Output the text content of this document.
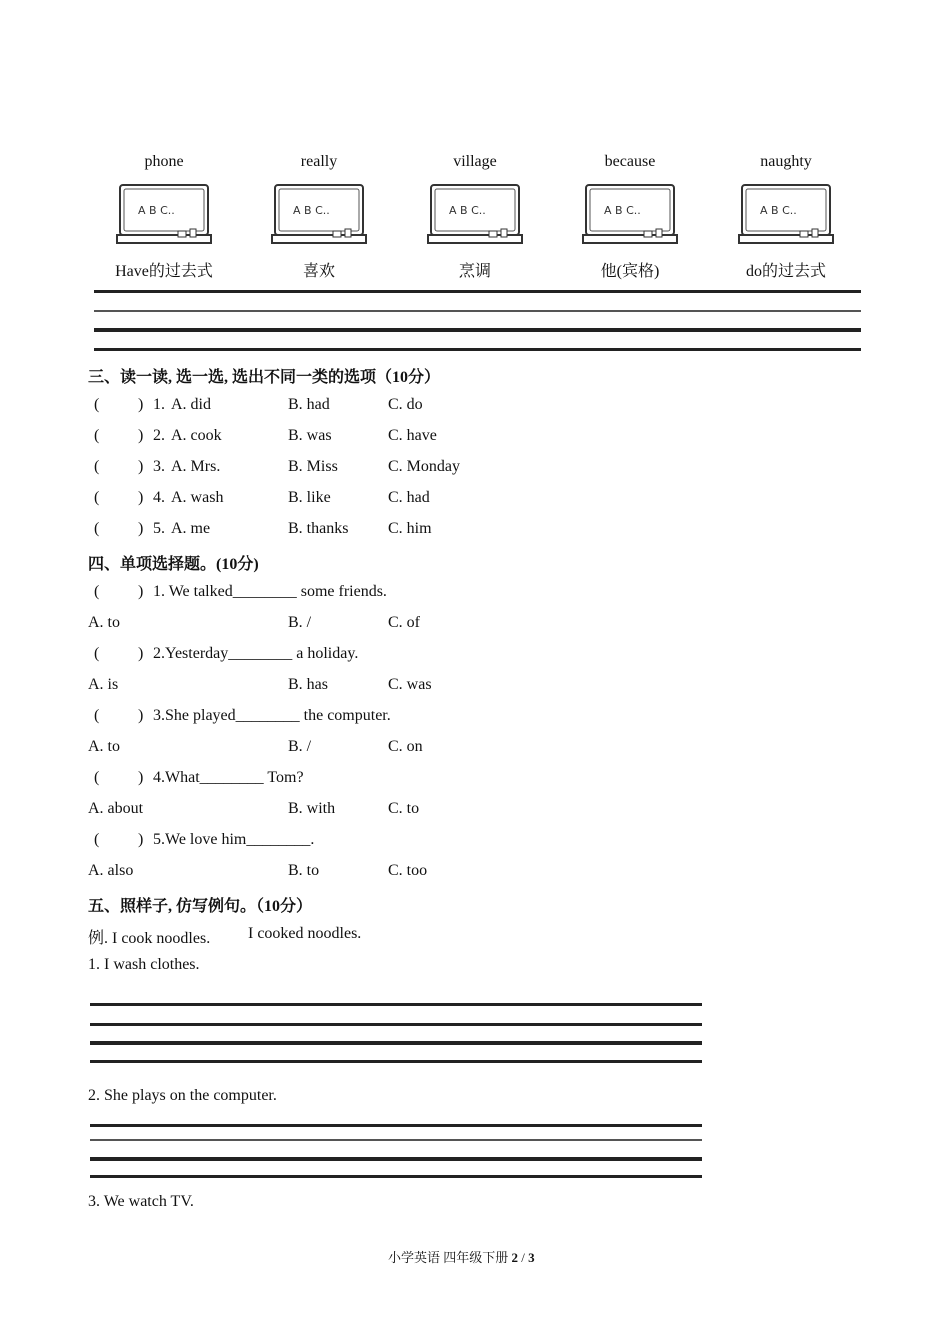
phone	really	village	because	naughty
A B C..	A B C..	A B C..	A B C..	A B C..
Have的过去式	喜欢	烹调	他(宾格)	do的过去式
三、读一读, 选一选, 选出不同一类的选项（10分）
( ) 1. A. did	B. had	C. do
( ) 2. A. cook	B. was	C. have
( ) 3. A. Mrs.	B. Miss	C. Monday
( ) 4. A. wash	B. like	C. had
( ) 5. A. me	B. thanks C. him
四、单项选择题。(10分)
( ) 1. We talked________ some friends.
A. to	B. /	C. of
( ) 2.Yesterday________ a holiday.
A. is	B. has	C. was
( ) 3.She played________ the computer.
A. to	B. /	C. on
( ) 4.What________ Tom?
A. about	B. with	C. to
( ) 5.We love him________.
A. also	B. to	C. too
五、照样子, 仿写例句。（10分）
例. I cook noodles. I cooked noodles.
1. I wash clothes.
2. She plays on the computer.
3. We watch TV.
小学英语 四年级下册 2 / 3
